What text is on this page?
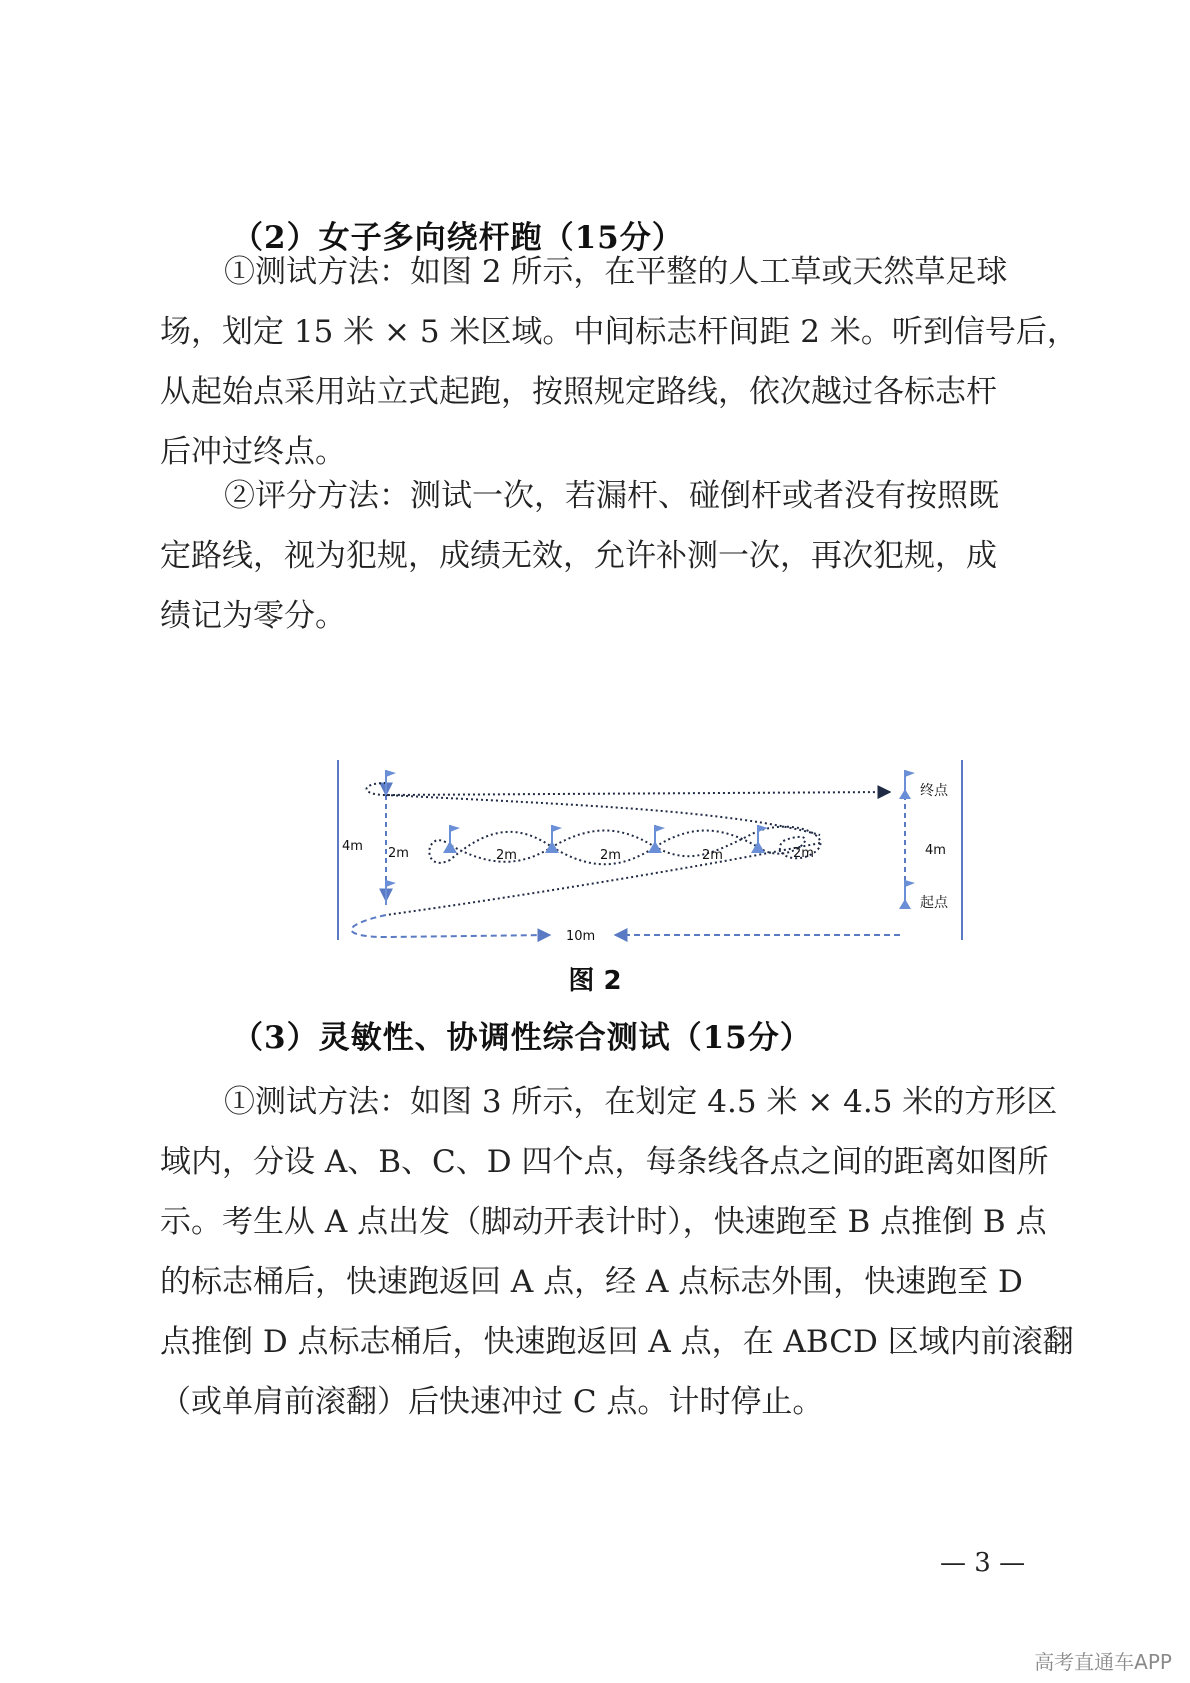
（2）女子多向绕杆跑（15分）
①测试方法：如图 2 所示，在平整的人工草或天然草足球
场，划定 15 米 × 5 米区域。中间标志杆间距 2 米。听到信号后，
从起始点采用站立式起跑，按照规定路线，依次越过各标志杆
后冲过终点。
②评分方法：测试一次，若漏杆、碰倒杆或者没有按照既
定路线，视为犯规，成绩无效，允许补测一次，再次犯规，成
绩记为零分。
终点
起点
4m	4m
10m
2m	2m	2m	2m	2m
图 2
（3）灵敏性、协调性综合测试（15分）
①测试方法：如图 3 所示，在划定 4.5 米 × 4.5 米的方形区
域内，分设 A、B、C、D 四个点，每条线各点之间的距离如图所
示。考生从 A 点出发（脚动开表计时），快速跑至 B 点推倒 B 点
的标志桶后，快速跑返回 A 点，经 A 点标志外围，快速跑至 D
点推倒 D 点标志桶后，快速跑返回 A 点，在 ABCD 区域内前滚翻
（或单肩前滚翻）后快速冲过 C 点。计时停止。
— 3 —
高考直通车APP
